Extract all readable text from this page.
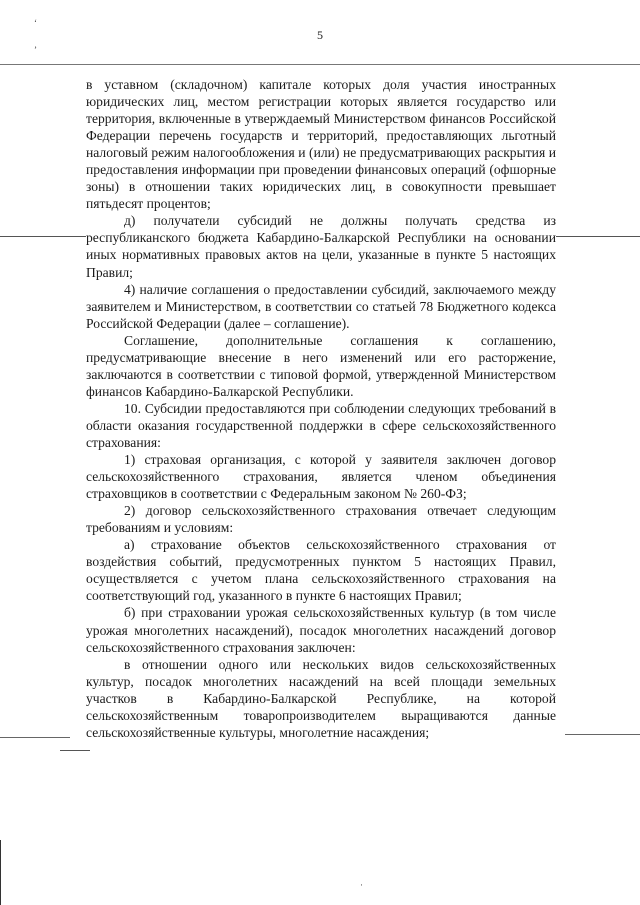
5
‘
’
·

в уставном (складочном) капитале которых доля участия иностранных юридических лиц, местом регистрации которых является государство или территория, включенные в утверждаемый Министерством финансов Российской Федерации перечень государств и территорий, предоставляющих льготный налоговый режим налогообложения и (или) не предусматривающих раскрытия и предоставления информации при проведении финансовых операций (офшорные зоны) в отношении таких юридических лиц, в совокупности превышает пятьдесят процентов;

д) получатели субсидий не должны получать средства из республиканского бюджета Кабардино-Балкарской Республики на основании иных нормативных правовых актов на цели, указанные в пункте 5 настоящих Правил;

4) наличие соглашения о предоставлении субсидий, заключаемого между заявителем и Министерством, в соответствии со статьей 78 Бюджетного кодекса Российской Федерации (далее – соглашение).

Соглашение, дополнительные соглашения к соглашению, предусматривающие внесение в него изменений или его расторжение, заключаются в соответствии с типовой формой, утвержденной Министерством финансов Кабардино-Балкарской Республики.

10. Субсидии предоставляются при соблюдении следующих требований в области оказания государственной поддержки в сфере сельскохозяйственного страхования:

1) страховая организация, с которой у заявителя заключен договор сельскохозяйственного страхования, является членом объединения страховщиков в соответствии с Федеральным законом № 260-ФЗ;

2) договор сельскохозяйственного страхования отвечает следующим требованиям и условиям:

а) страхование объектов сельскохозяйственного страхования от воздействия событий, предусмотренных пунктом 5 настоящих Правил, осуществляется с учетом плана сельскохозяйственного страхования на соответствующий год, указанного в пункте 6 настоящих Правил;

б) при страховании урожая сельскохозяйственных культур (в том числе урожая многолетних насаждений), посадок многолетних насаждений договор сельскохозяйственного страхования заключен:

в отношении одного или нескольких видов сельскохозяйственных культур, посадок многолетних насаждений на всей площади земельных участков в Кабардино-Балкарской Республике, на которой сельскохозяйственным товаропроизводителем выращиваются данные сельскохозяйственные культуры, многолетние насаждения;
